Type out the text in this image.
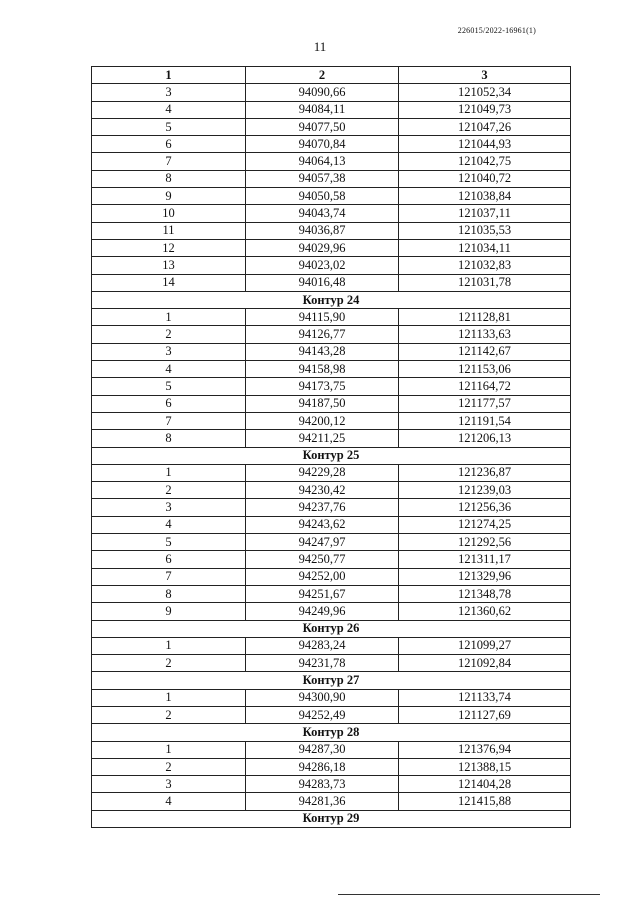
226015/2022-16961(1)
11
1	2	3
3	94090,66	121052,34
4	94084,11	121049,73
5	94077,50	121047,26
6	94070,84	121044,93
7	94064,13	121042,75
8	94057,38	121040,72
9	94050,58	121038,84
10	94043,74	121037,11
11	94036,87	121035,53
12	94029,96	121034,11
13	94023,02	121032,83
14	94016,48	121031,78
Контур 24		
1	94115,90	121128,81
2	94126,77	121133,63
3	94143,28	121142,67
4	94158,98	121153,06
5	94173,75	121164,72
6	94187,50	121177,57
7	94200,12	121191,54
8	94211,25	121206,13
Контур 25		
1	94229,28	121236,87
2	94230,42	121239,03
3	94237,76	121256,36
4	94243,62	121274,25
5	94247,97	121292,56
6	94250,77	121311,17
7	94252,00	121329,96
8	94251,67	121348,78
9	94249,96	121360,62
Контур 26		
1	94283,24	121099,27
2	94231,78	121092,84
Контур 27		
1	94300,90	121133,74
2	94252,49	121127,69
Контур 28		
1	94287,30	121376,94
2	94286,18	121388,15
3	94283,73	121404,28
4	94281,36	121415,88
Контур 29		
